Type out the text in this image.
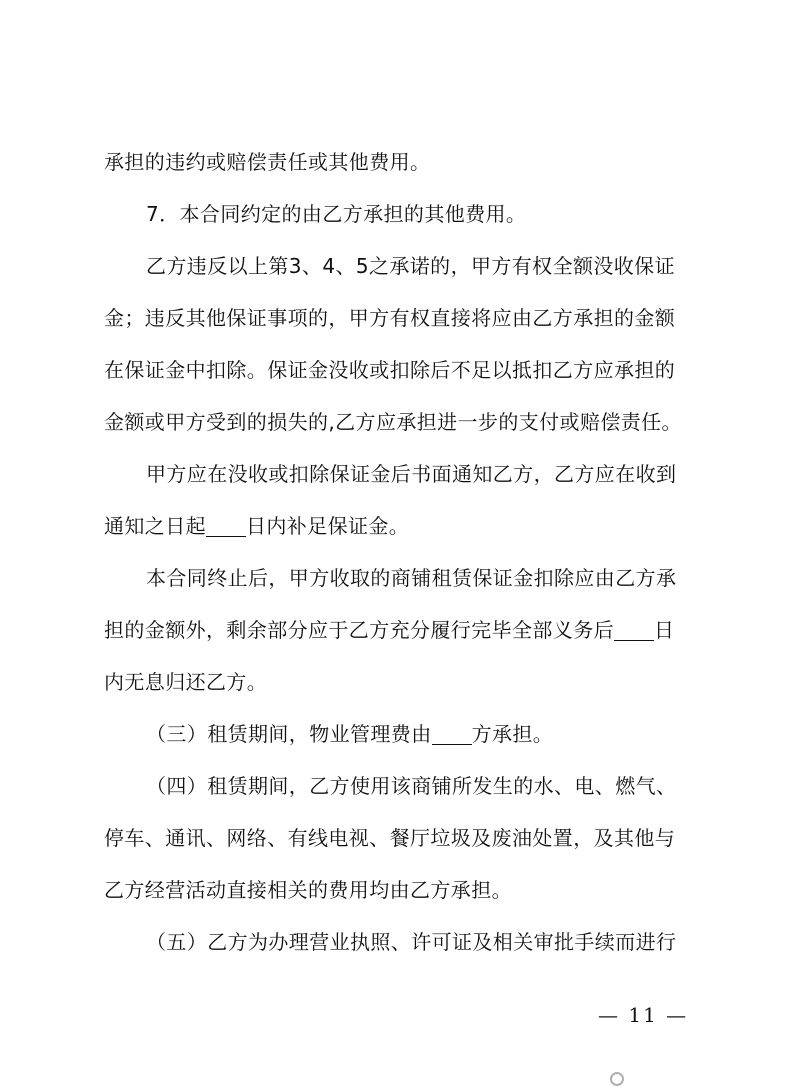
承担的违约或赔偿责任或其他费用。

7．本合同约定的由乙方承担的其他费用。

乙方违反以上第3、4、5之承诺的，甲方有权全额没收保证

金；违反其他保证事项的，甲方有权直接将应由乙方承担的金额

在保证金中扣除。保证金没收或扣除后不足以抵扣乙方应承担的

金额或甲方受到的损失的,乙方应承担进一步的支付或赔偿责任。

甲方应在没收或扣除保证金后书面通知乙方，乙方应在收到

通知之日起 日内补足保证金。

本合同终止后，甲方收取的商铺租赁保证金扣除应由乙方承

担的金额外，剩余部分应于乙方充分履行完毕全部义务后 日

内无息归还乙方。

（三）租赁期间，物业管理费由 方承担。

（四）租赁期间，乙方使用该商铺所发生的水、电、燃气、

停车、通讯、网络、有线电视、餐厅垃圾及废油处置，及其他与

乙方经营活动直接相关的费用均由乙方承担。

（五）乙方为办理营业执照、许可证及相关审批手续而进行

— 11 —
